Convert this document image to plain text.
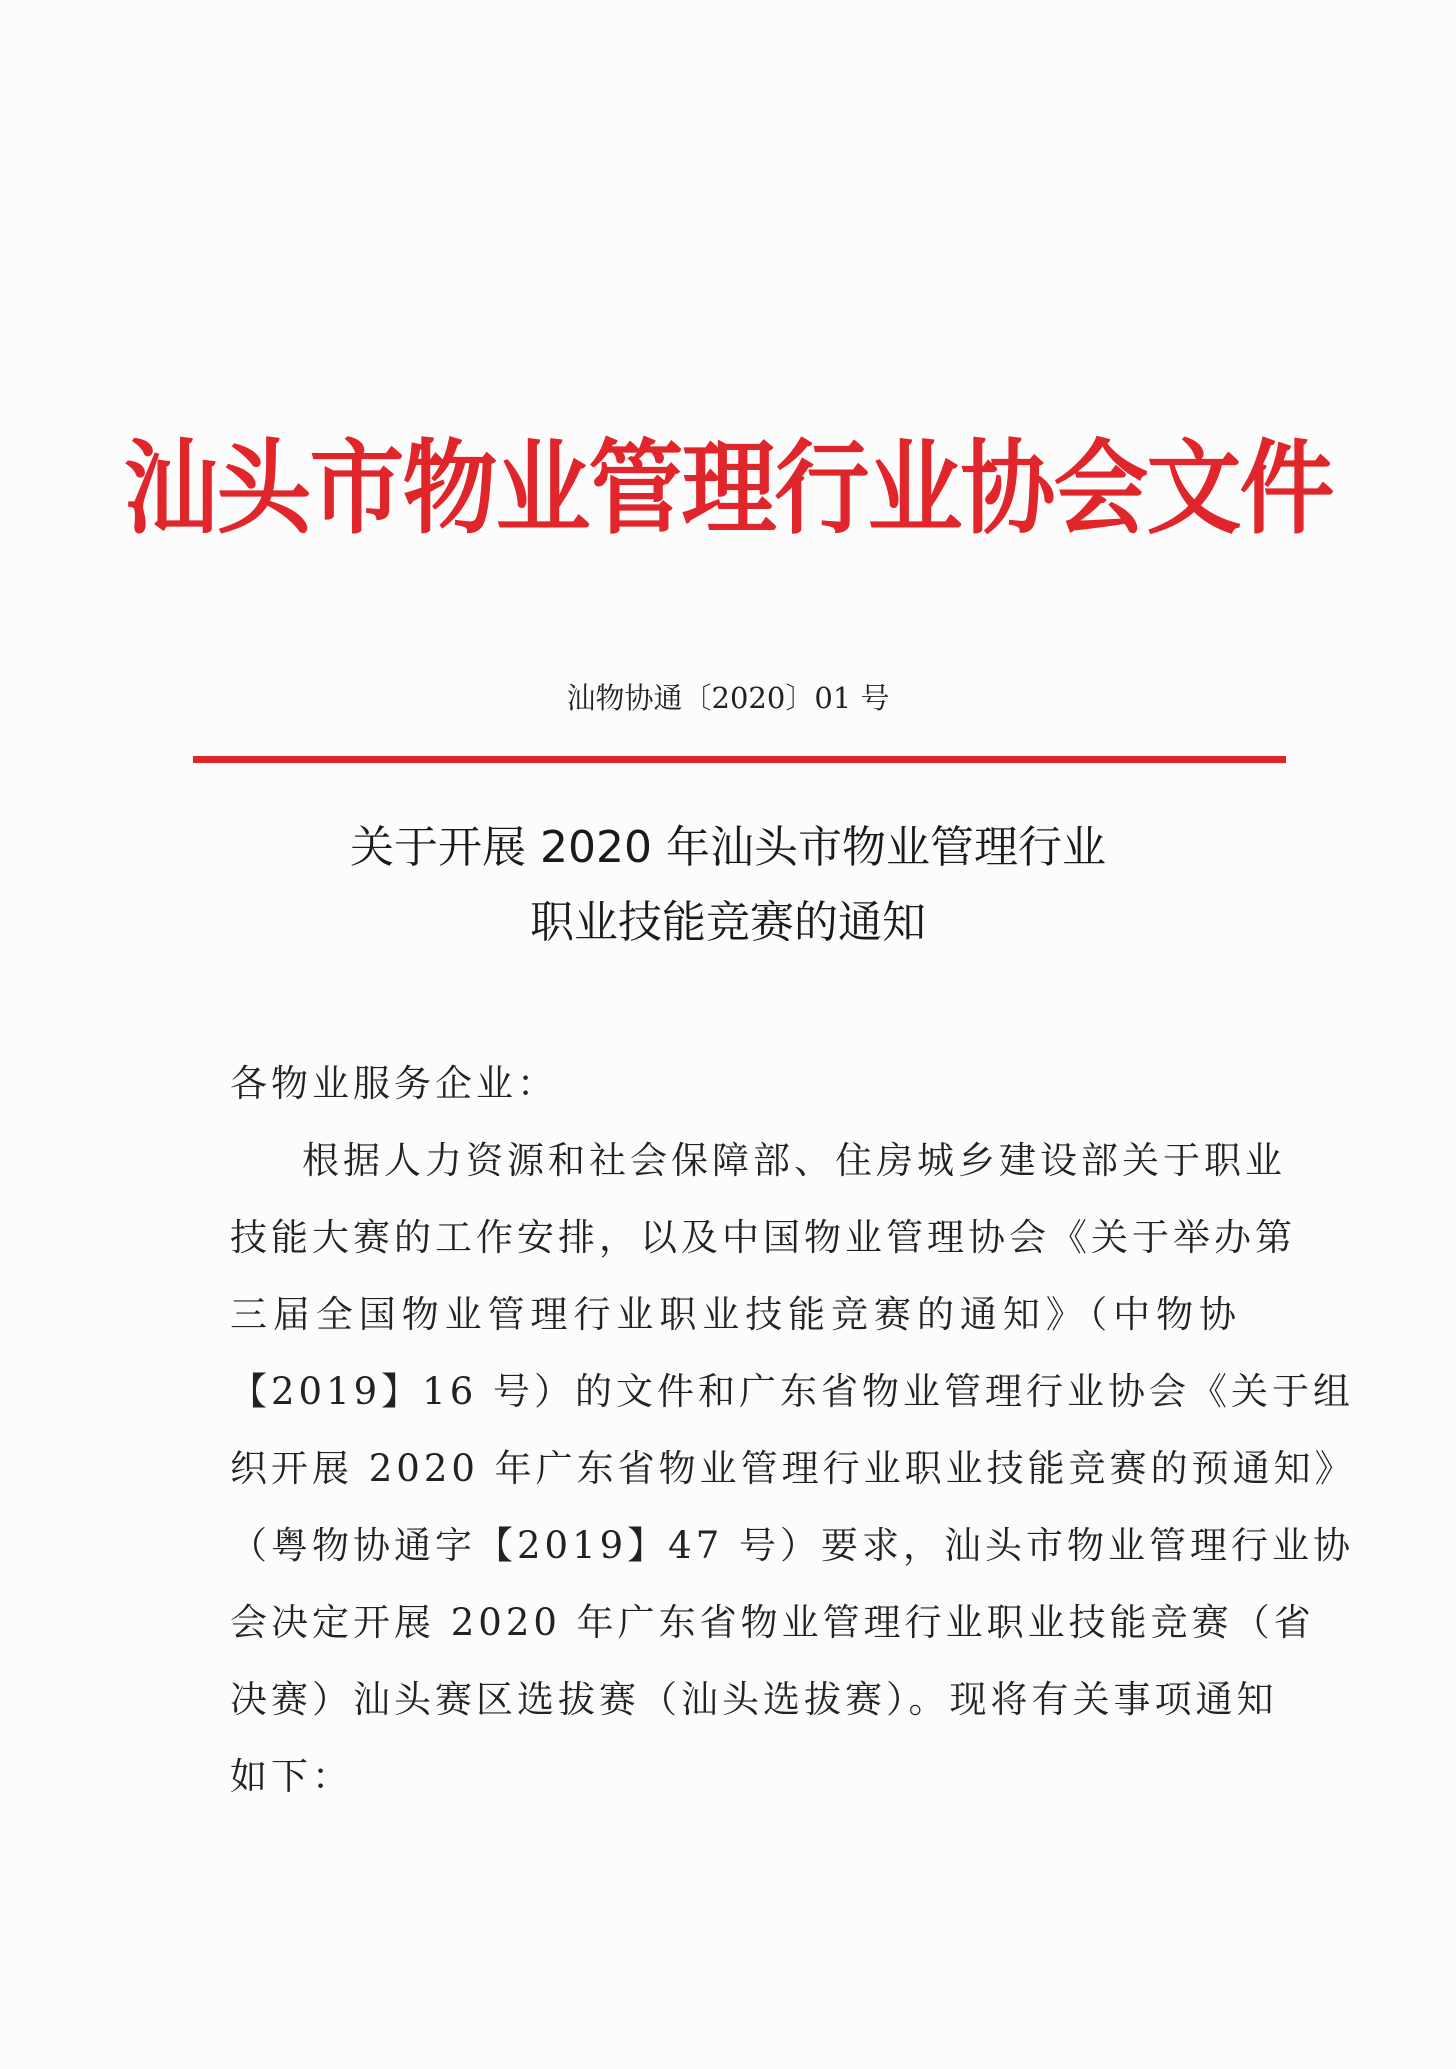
汕头市物业管理行业协会文件
汕物协通〔2020〕01 号
关于开展 2020 年汕头市物业管理行业
职业技能竞赛的通知
各物业服务企业：
根据人力资源和社会保障部、住房城乡建设部关于职业
技能大赛的工作安排，以及中国物业管理协会《关于举办第
三届全国物业管理行业职业技能竞赛的通知》（中物协
【2019】16 号）的文件和广东省物业管理行业协会《关于组
织开展 2020 年广东省物业管理行业职业技能竞赛的预通知》
（粤物协通字【2019】47 号）要求，汕头市物业管理行业协
会决定开展 2020 年广东省物业管理行业职业技能竞赛（省
决赛）汕头赛区选拔赛（汕头选拔赛）。现将有关事项通知
如下：
